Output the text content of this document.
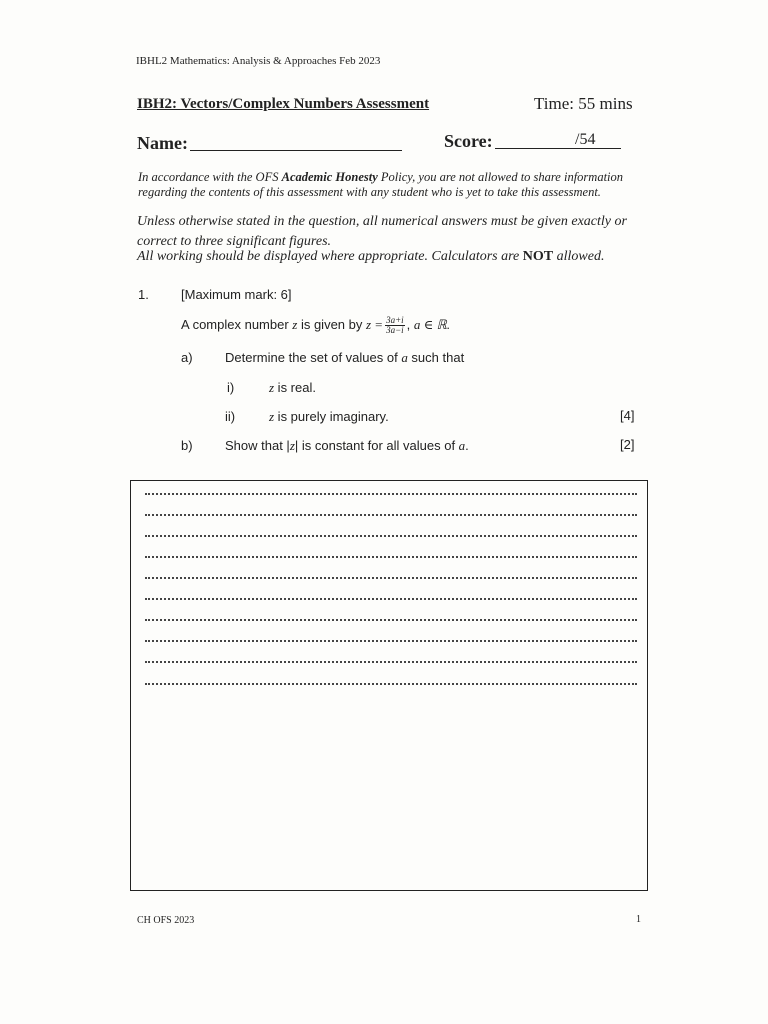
IBHL2 Mathematics: Analysis & Approaches Feb 2023
IBH2: Vectors/Complex Numbers Assessment	Time: 55 mins
Name:	Score:	/54
In accordance with the OFS Academic Honesty Policy, you are not allowed to share information regarding the contents of this assessment with any student who is yet to take this assessment.
Unless otherwise stated in the question, all numerical answers must be given exactly or correct to three significant figures.
All working should be displayed where appropriate. Calculators are NOT allowed.
1. [Maximum mark: 6]
A complex number z is given by $z = \frac{3a+i}{3a-i}$ , a ∈ ℝ.
a) Determine the set of values of a such that
i)	z is real.
ii)	z is purely imaginary.	[4]
b) Show that |z| is constant for all values of a.	[2]
CH OFS 2023	1
